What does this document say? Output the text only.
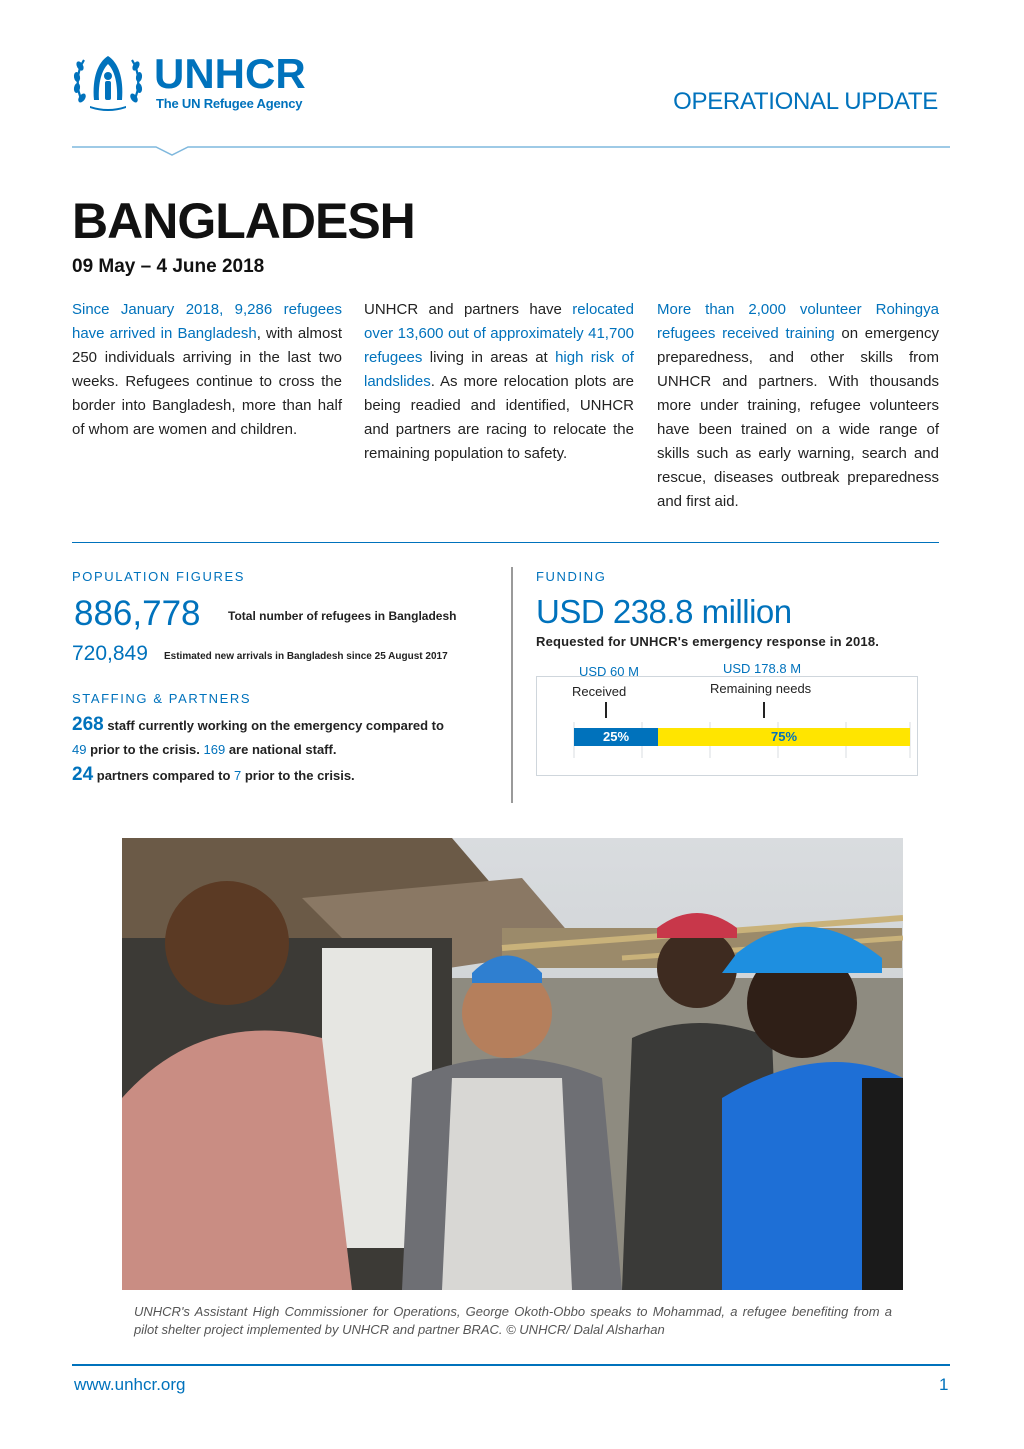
UNHCR
The UN Refugee Agency	OPERATIONAL UPDATE
BANGLADESH
09 May – 4 June 2018

Since January 2018, 9,286 refugees have arrived in Bangladesh, with almost 250 individuals arriving in the last two weeks. Refugees continue to cross the border into Bangladesh, more than half of whom are women and children.

UNHCR and partners have relocated over 13,600 out of approximately 41,700 refugees living in areas at high risk of landslides. As more relocation plots are being readied and identified, UNHCR and partners are racing to relocate the remaining population to safety.

More than 2,000 volunteer Rohingya refugees received training on emergency preparedness, and other skills from UNHCR and partners. With thousands more under training, refugee volunteers have been trained on a wide range of skills such as early warning, search and rescue, diseases outbreak preparedness and first aid.

POPULATION FIGURES
886,778 Total number of refugees in Bangladesh
720,849 Estimated new arrivals in Bangladesh since 25 August 2017
STAFFING & PARTNERS
268 staff currently working on the emergency compared to
49 prior to the crisis. 169 are national staff.
24 partners compared to 7 prior to the crisis.
FUNDING
USD 238.8 million
Requested for UNHCR's emergency response in 2018.
USD 60 M
Received
USD 178.8 M
Remaining needs
25%	75%

UNHCR's Assistant High Commissioner for Operations, George Okoth-Obbo speaks to Mohammad, a refugee benefiting from a pilot shelter project implemented by UNHCR and partner BRAC. © UNHCR/ Dalal Alsharhan

www.unhcr.org	1
